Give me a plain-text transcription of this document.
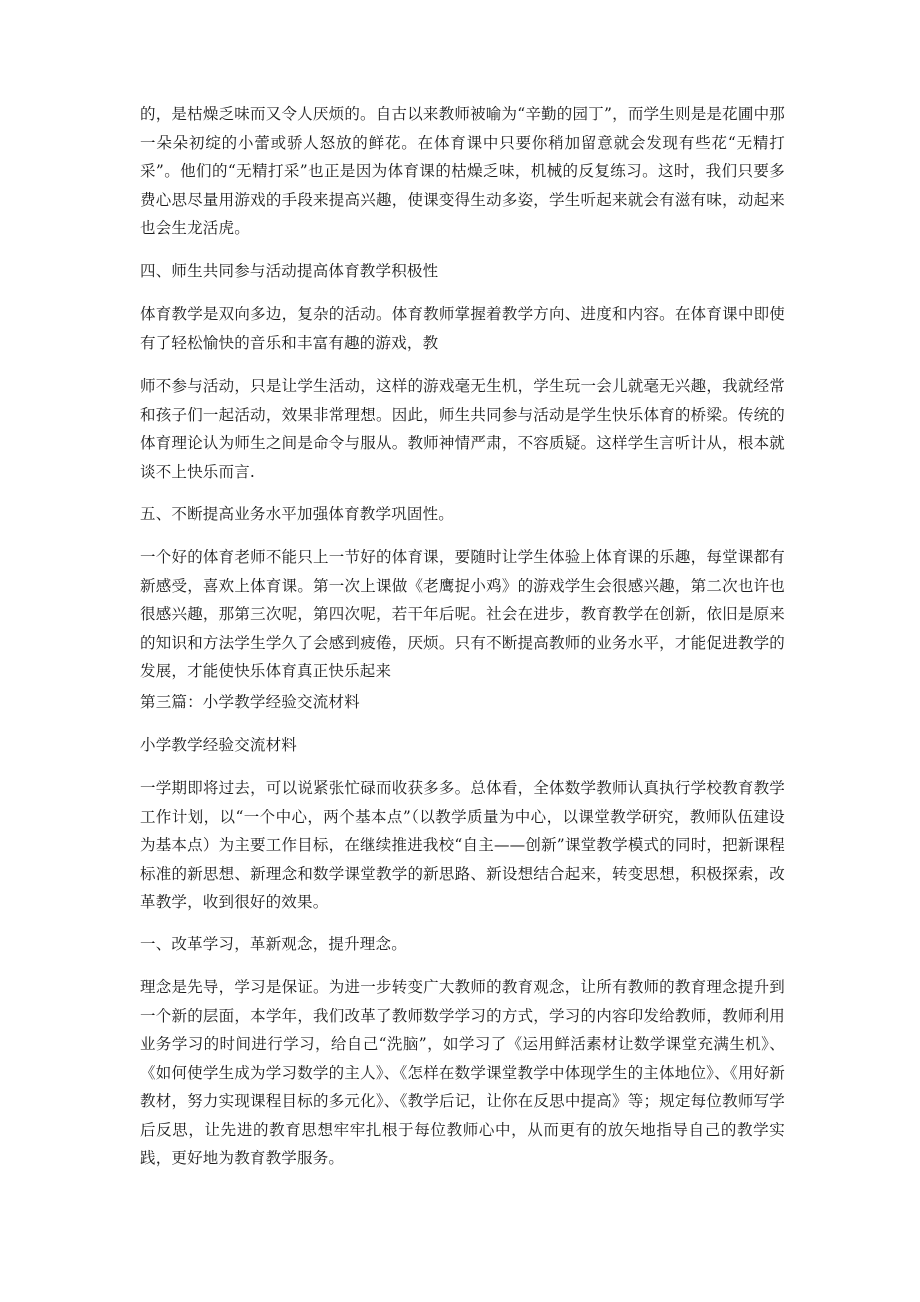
的，是枯燥乏味而又令人厌烦的。自古以来教师被喻为“辛勤的园丁”，而学生则是是花圃中那一朵朵初绽的小蕾或骄人怒放的鲜花。在体育课中只要你稍加留意就会发现有些花“无精打采”。他们的“无精打采”也正是因为体育课的枯燥乏味，机械的反复练习。这时，我们只要多费心思尽量用游戏的手段来提高兴趣，使课变得生动多姿，学生听起来就会有滋有味，动起来也会生龙活虎。

四、师生共同参与活动提高体育教学积极性

体育教学是双向多边，复杂的活动。体育教师掌握着教学方向、进度和内容。在体育课中即使有了轻松愉快的音乐和丰富有趣的游戏，教

师不参与活动，只是让学生活动，这样的游戏毫无生机，学生玩一会儿就毫无兴趣，我就经常和孩子们一起活动，效果非常理想。因此，师生共同参与活动是学生快乐体育的桥梁。传统的体育理论认为师生之间是命令与服从。教师神情严肃，不容质疑。这样学生言听计从，根本就谈不上快乐而言.

五、不断提高业务水平加强体育教学巩固性。

一个好的体育老师不能只上一节好的体育课，要随时让学生体验上体育课的乐趣，每堂课都有新感受，喜欢上体育课。第一次上课做《老鹰捉小鸡》的游戏学生会很感兴趣，第二次也许也很感兴趣，那第三次呢，第四次呢，若干年后呢。社会在进步，教育教学在创新，依旧是原来的知识和方法学生学久了会感到疲倦，厌烦。只有不断提高教师的业务水平，才能促进教学的发展，才能使快乐体育真正快乐起来

第三篇：小学教学经验交流材料

小学教学经验交流材料

一学期即将过去，可以说紧张忙碌而收获多多。总体看，全体数学教师认真执行学校教育教学工作计划，以“一个中心，两个基本点”（以教学质量为中心，以课堂教学研究，教师队伍建设为基本点）为主要工作目标，在继续推进我校“自主——创新”课堂教学模式的同时，把新课程标准的新思想、新理念和数学课堂教学的新思路、新设想结合起来，转变思想，积极探索，改革教学，收到很好的效果。

一、改革学习，革新观念，提升理念。

理念是先导，学习是保证。为进一步转变广大教师的教育观念，让所有教师的教育理念提升到一个新的层面，本学年，我们改革了教师数学学习的方式，学习的内容印发给教师，教师利用业务学习的时间进行学习，给自己“洗脑”，如学习了《运用鲜活素材让数学课堂充满生机》、《如何使学生成为学习数学的主人》、《怎样在数学课堂教学中体现学生的主体地位》、《用好新教材，努力实现课程目标的多元化》、《教学后记，让你在反思中提高》等；规定每位教师写学后反思，让先进的教育思想牢牢扎根于每位教师心中，从而更有的放矢地指导自己的教学实践，更好地为教育教学服务。
